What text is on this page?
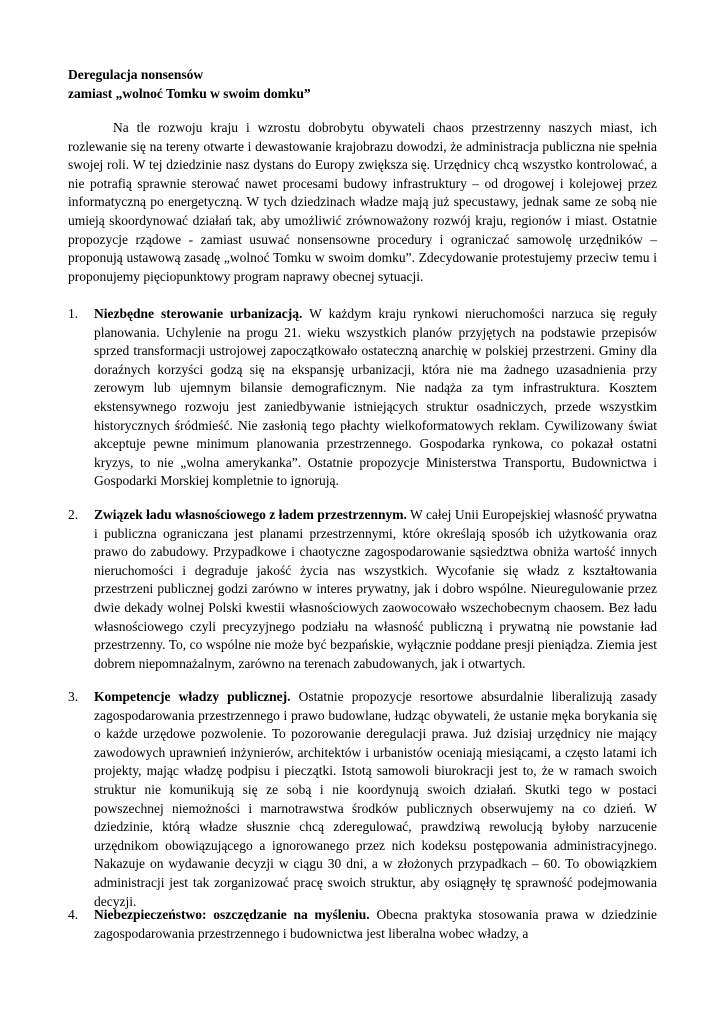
Deregulacja nonsensów
zamiast „wolnoć Tomku w swoim domku”

Na tle rozwoju kraju i wzrostu dobrobytu obywateli chaos przestrzenny naszych miast, ich rozlewanie się na tereny otwarte i dewastowanie krajobrazu dowodzi, że administracja publiczna nie spełnia swojej roli. W tej dziedzinie nasz dystans do Europy zwiększa się. Urzędnicy chcą wszystko kontrolować, a nie potrafią sprawnie sterować nawet procesami budowy infrastruktury – od drogowej i kolejowej przez informatyczną po energetyczną. W tych dziedzinach władze mają już specustawy, jednak same ze sobą nie umieją skoordynować działań tak, aby umożliwić zrównoważony rozwój kraju, regionów i miast. Ostatnie propozycje rządowe - zamiast usuwać nonsensowne procedury i ograniczać samowolę urzędników – proponują ustawową zasadę „wolnoć Tomku w swoim domku”. Zdecydowanie protestujemy przeciw temu i proponujemy pięciopunktowy program naprawy obecnej sytuacji.

1.	Niezbędne sterowanie urbanizacją. W każdym kraju rynkowi nieruchomości narzuca się reguły planowania. Uchylenie na progu 21. wieku wszystkich planów przyjętych na podstawie przepisów sprzed transformacji ustrojowej zapoczątkowało ostateczną anarchię w polskiej przestrzeni. Gminy dla doraźnych korzyści godzą się na ekspansję urbanizacji, która nie ma żadnego uzasadnienia przy zerowym lub ujemnym bilansie demograficznym. Nie nadąża za tym infrastruktura. Kosztem ekstensywnego rozwoju jest zaniedbywanie istniejących struktur osadniczych, przede wszystkim historycznych śródmieść. Nie zasłonią tego płachty wielkoformatowych reklam. Cywilizowany świat akceptuje pewne minimum planowania przestrzennego. Gospodarka rynkowa, co pokazał ostatni kryzys, to nie „wolna amerykanka”. Ostatnie propozycje Ministerstwa Transportu, Budownictwa i Gospodarki Morskiej kompletnie to ignorują.

2.	Związek ładu własnościowego z ładem przestrzennym. W całej Unii Europejskiej własność prywatna i publiczna ograniczana jest planami przestrzennymi, które określają sposób ich użytkowania oraz prawo do zabudowy. Przypadkowe i chaotyczne zagospodarowanie sąsiedztwa obniża wartość innych nieruchomości i degraduje jakość życia nas wszystkich. Wycofanie się władz z kształtowania przestrzeni publicznej godzi zarówno w interes prywatny, jak i dobro wspólne. Nieuregulowanie przez dwie dekady wolnej Polski kwestii własnościowych zaowocowało wszechobecnym chaosem. Bez ładu własnościowego czyli precyzyjnego podziału na własność publiczną i prywatną nie powstanie ład przestrzenny. To, co wspólne nie może być bezpańskie, wyłącznie poddane presji pieniądza. Ziemia jest dobrem niepomnażalnym, zarówno na terenach zabudowanych, jak i otwartych.

3.	Kompetencje władzy publicznej. Ostatnie propozycje resortowe absurdalnie liberalizują zasady zagospodarowania przestrzennego i prawo budowlane, łudząc obywateli, że ustanie męka borykania się o każde urzędowe pozwolenie. To pozorowanie deregulacji prawa. Już dzisiaj urzędnicy nie mający zawodowych uprawnień inżynierów, architektów i urbanistów oceniają miesiącami, a często latami ich projekty, mając władzę podpisu i pieczątki. Istotą samowoli biurokracji jest to, że w ramach swoich struktur nie komunikują się ze sobą i nie koordynują swoich działań. Skutki tego w postaci powszechnej niemożności i marnotrawstwa środków publicznych obserwujemy na co dzień. W dziedzinie, którą władze słusznie chcą zderegulować, prawdziwą rewolucją byłoby narzucenie urzędnikom obowiązującego a ignorowanego przez nich kodeksu postępowania administracyjnego. Nakazuje on wydawanie decyzji w ciągu 30 dni, a w złożonych przypadkach – 60. To obowiązkiem administracji jest tak zorganizować pracę swoich struktur, aby osiągnęły tę sprawność podejmowania decyzji.

4.	Niebezpieczeństwo: oszczędzanie na myśleniu. Obecna praktyka stosowania prawa w dziedzinie zagospodarowania przestrzennego i budownictwa jest liberalna wobec władzy, a
